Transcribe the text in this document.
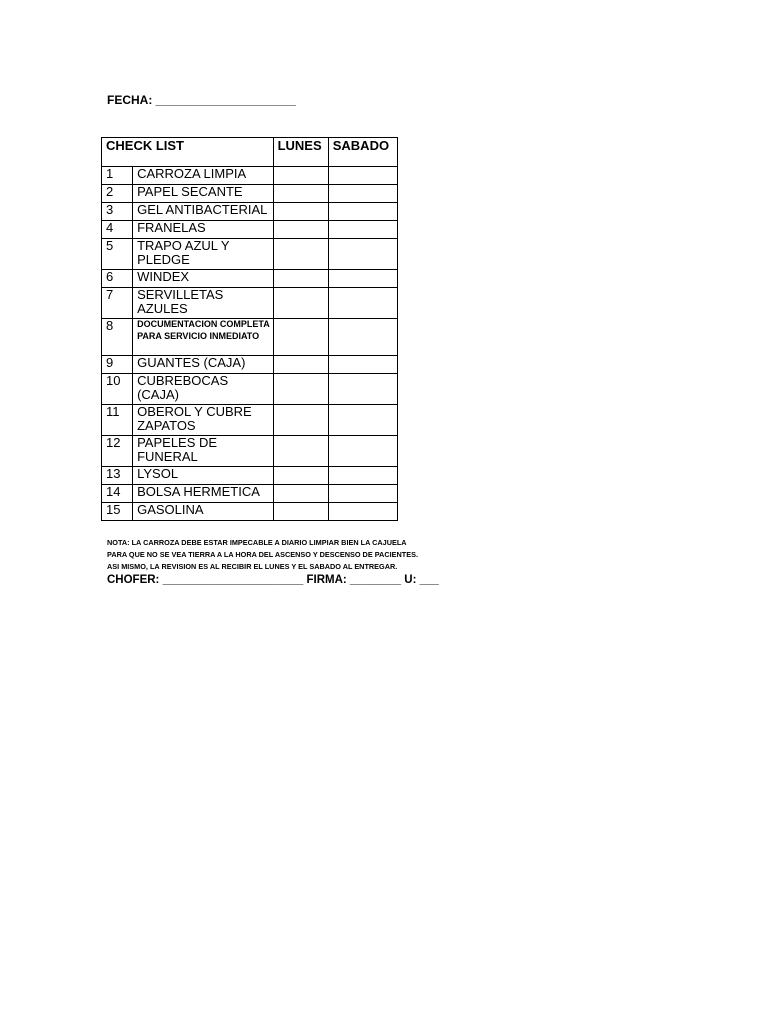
FECHA: _____________________
CHECK LIST		LUNES	SABADO
1	CARROZA LIMPIA		
2	PAPEL SECANTE		
3	GEL ANTIBACTERIAL		
4	FRANELAS		
5	TRAPO AZUL Y PLEDGE		
6	WINDEX		
7	SERVILLETAS AZULES		
8	DOCUMENTACION COMPLETA PARA SERVICIO INMEDIATO		
9	GUANTES (CAJA)		
10	CUBREBOCAS (CAJA)		
11	OBEROL Y CUBRE ZAPATOS		
12	PAPELES DE FUNERAL		
13	LYSOL		
14	BOLSA HERMETICA		
15	GASOLINA		
NOTA: LA CARROZA DEBE ESTAR IMPECABLE A DIARIO LIMPIAR BIEN LA CAJUELA
PARA QUE NO SE VEA TIERRA A LA HORA DEL ASCENSO Y DESCENSO DE PACIENTES.
ASI MISMO, LA REVISION ES AL RECIBIR EL LUNES Y EL SABADO AL ENTREGAR.
CHOFER: ______________________ FIRMA: ________ U: ___
